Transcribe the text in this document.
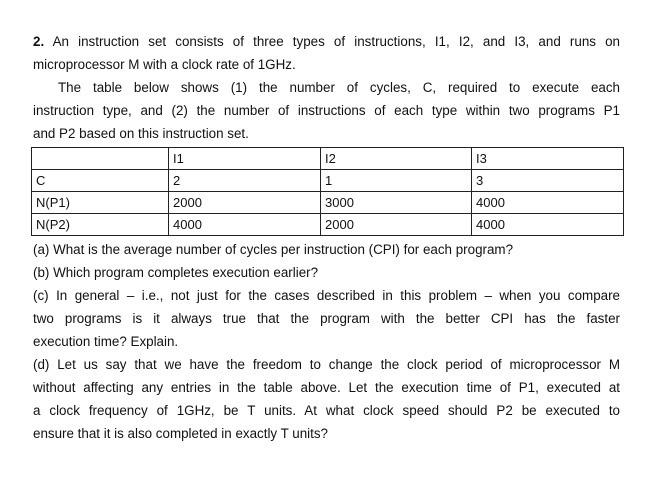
2. An instruction set consists of three types of instructions, I1, I2, and I3, and runs on
microprocessor M with a clock rate of 1GHz.
The table below shows (1) the number of cycles, C, required to execute each
instruction type, and (2) the number of instructions of each type within two programs P1
and P2 based on this instruction set.
	I1	I2	I3
C	2	1	3
N(P1)	2000	3000	4000
N(P2)	4000	2000	4000
(a) What is the average number of cycles per instruction (CPI) for each program?
(b) Which program completes execution earlier?
(c) In general – i.e., not just for the cases described in this problem – when you compare
two programs is it always true that the program with the better CPI has the faster
execution time? Explain.
(d) Let us say that we have the freedom to change the clock period of microprocessor M
without affecting any entries in the table above. Let the execution time of P1, executed at
a clock frequency of 1GHz, be T units. At what clock speed should P2 be executed to
ensure that it is also completed in exactly T units?
